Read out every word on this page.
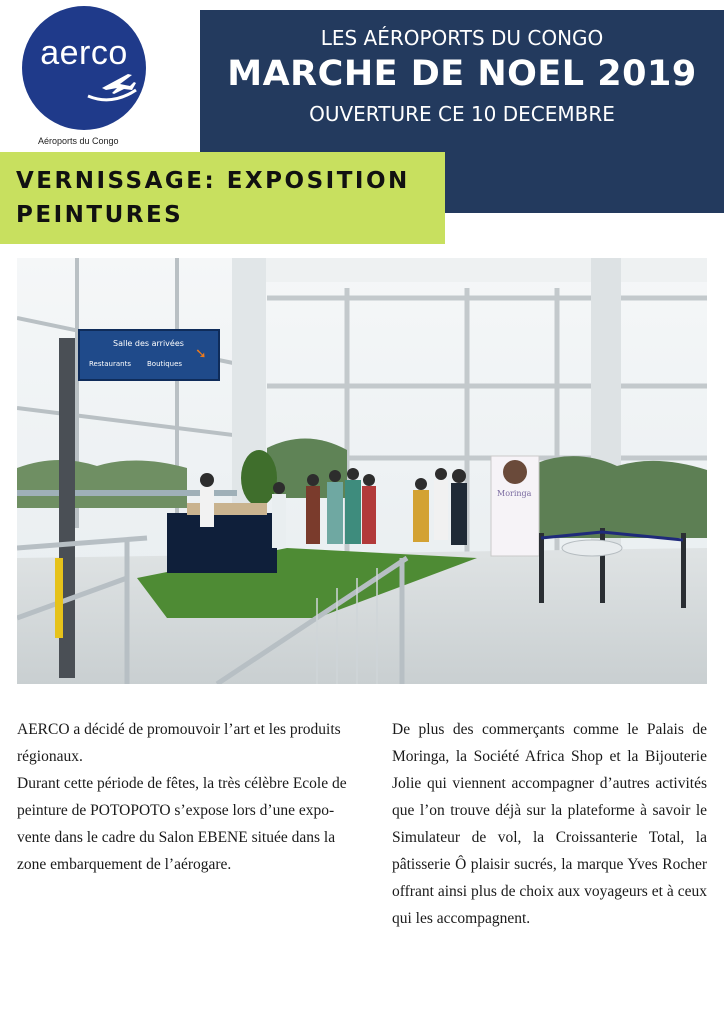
aerco
Aéroports du Congo
LES AÉROPORTS DU CONGO
MARCHE DE NOEL 2019
OUVERTURE CE 10 DECEMBRE
VERNISSAGE: EXPOSITION PEINTURES
Salle des arrivées
Restaurants Boutiques
➘
Moringa

AERCO a décidé de promouvoir l’art et les produits régionaux.

Durant cette période de fêtes, la très célèbre Ecole de peinture de POTOPOTO s’expose lors d’une expo-vente dans le cadre du Salon EBENE située dans la zone embarquement de l’aérogare.

De plus des commerçants comme le Palais de Moringa, la Société Africa Shop et la Bijouterie Jolie qui viennent accompagner d’autres activités que l’on trouve déjà sur la plateforme à savoir le Simulateur de vol, la Croissanterie Total, la pâtisserie Ô plaisir sucrés, la marque Yves Rocher offrant ainsi plus de choix aux voyageurs et à ceux qui les accompagnent.
